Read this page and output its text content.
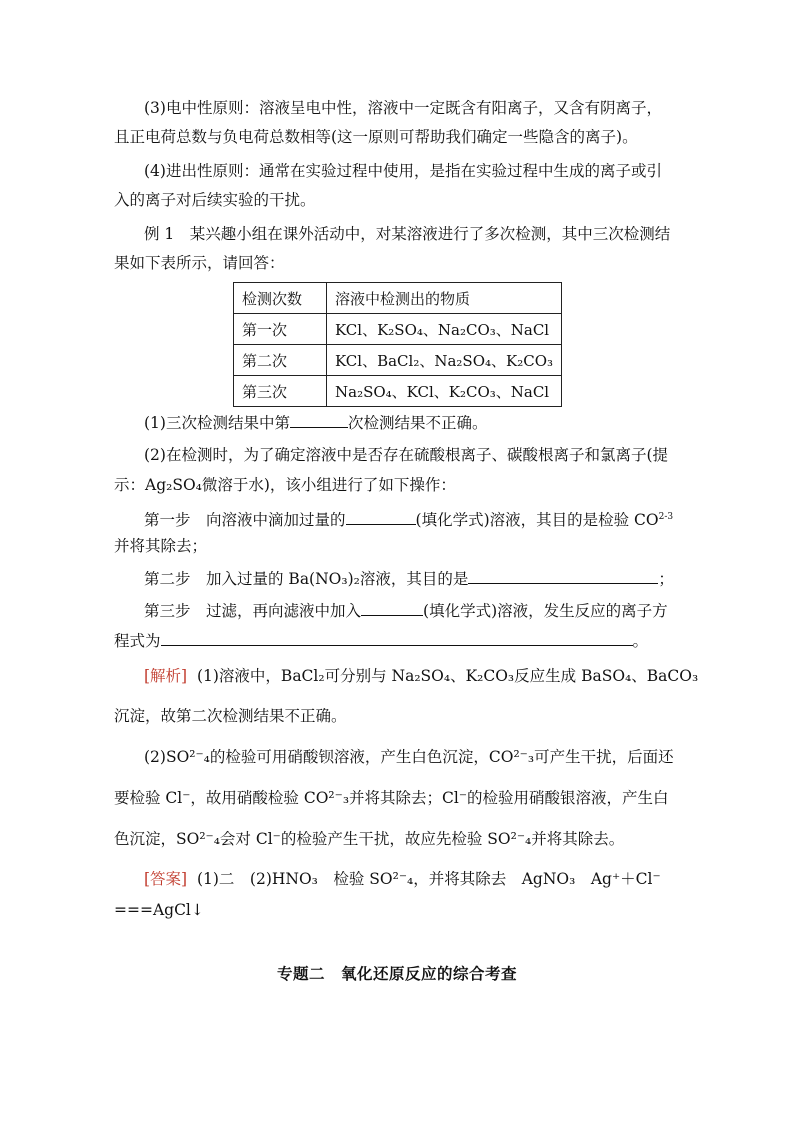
(3)电中性原则：溶液呈电中性，溶液中一定既含有阳离子，又含有阴离子，
且正电荷总数与负电荷总数相等(这一原则可帮助我们确定一些隐含的离子)。
(4)进出性原则：通常在实验过程中使用，是指在实验过程中生成的离子或引
入的离子对后续实验的干扰。
例 1　某兴趣小组在课外活动中，对某溶液进行了多次检测，其中三次检测结
果如下表所示，请回答：
检测次数	溶液中检测出的物质
第一次	KCl、K₂SO₄、Na₂CO₃、NaCl
第二次	KCl、BaCl₂、Na₂SO₄、K₂CO₃
第三次	Na₂SO₄、KCl、K₂CO₃、NaCl
(1)三次检测结果中第	次检测结果不正确。
(2)在检测时，为了确定溶液中是否存在硫酸根离子、碳酸根离子和氯离子(提
示：Ag₂SO₄微溶于水)，该小组进行了如下操作：
第一步　向溶液中滴加过量的	(填化学式)溶液，其目的是检验 CO$^{2-3}$
并将其除去；
第二步　加入过量的 Ba(NO₃)₂溶液，其目的是	；
第三步　过滤，再向滤液中加入	(填化学式)溶液，发生反应的离子方
程式为	。
[解析] (1)溶液中，BaCl₂可分别与 Na₂SO₄、K₂CO₃反应生成 BaSO₄、BaCO₃
沉淀，故第二次检测结果不正确。
(2)SO²⁻₄的检验可用硝酸钡溶液，产生白色沉淀，CO²⁻₃可产生干扰，后面还
要检验 Cl⁻，故用硝酸检验 CO²⁻₃并将其除去；Cl⁻的检验用硝酸银溶液，产生白
色沉淀，SO²⁻₄会对 Cl⁻的检验产生干扰，故应先检验 SO²⁻₄并将其除去。
[答案] (1)二　(2)HNO₃　检验 SO²⁻₄，并将其除去　AgNO₃　Ag⁺＋Cl⁻
===AgCl↓
专题二　氧化还原反应的综合考查
